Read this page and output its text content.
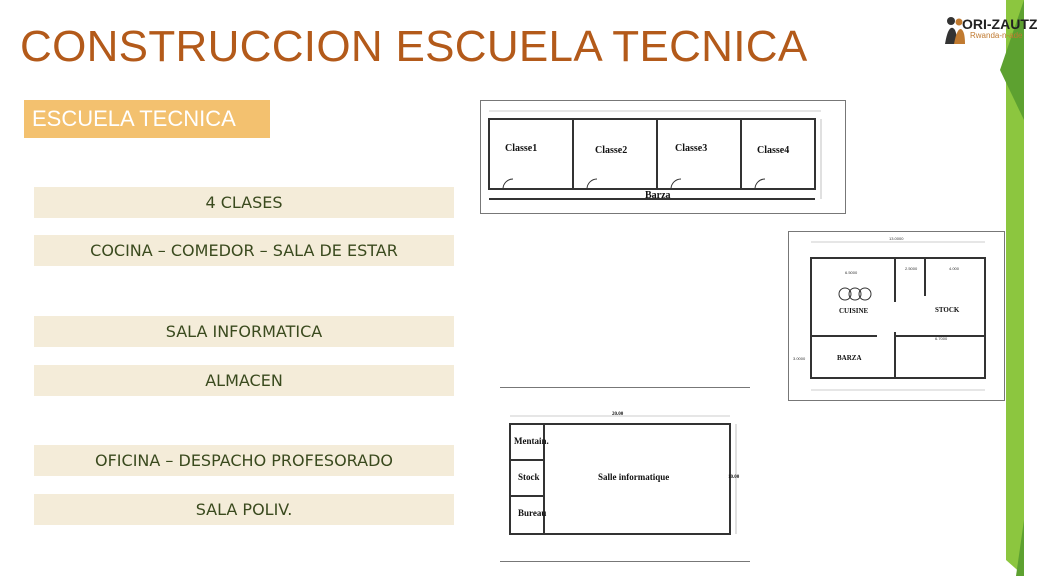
ORI-ZAUTZ
Rwanda-n-ade
CONSTRUCCION ESCUELA TECNICA
ESCUELA TECNICA
4 CLASES
COCINA – COMEDOR – SALA DE ESTAR
SALA INFORMATICA
ALMACEN
OFICINA – DESPACHO PROFESORADO
SALA POLIV.
Classe1	Classe2	Classe3	Classe4
Barza
13.0000
6.5000
2.5000	4.000
3.0000
6.7000
CUISINE	STOCK
BARZA
20.00
10.00
Mentain.
Stock
Bureau
Salle informatique
